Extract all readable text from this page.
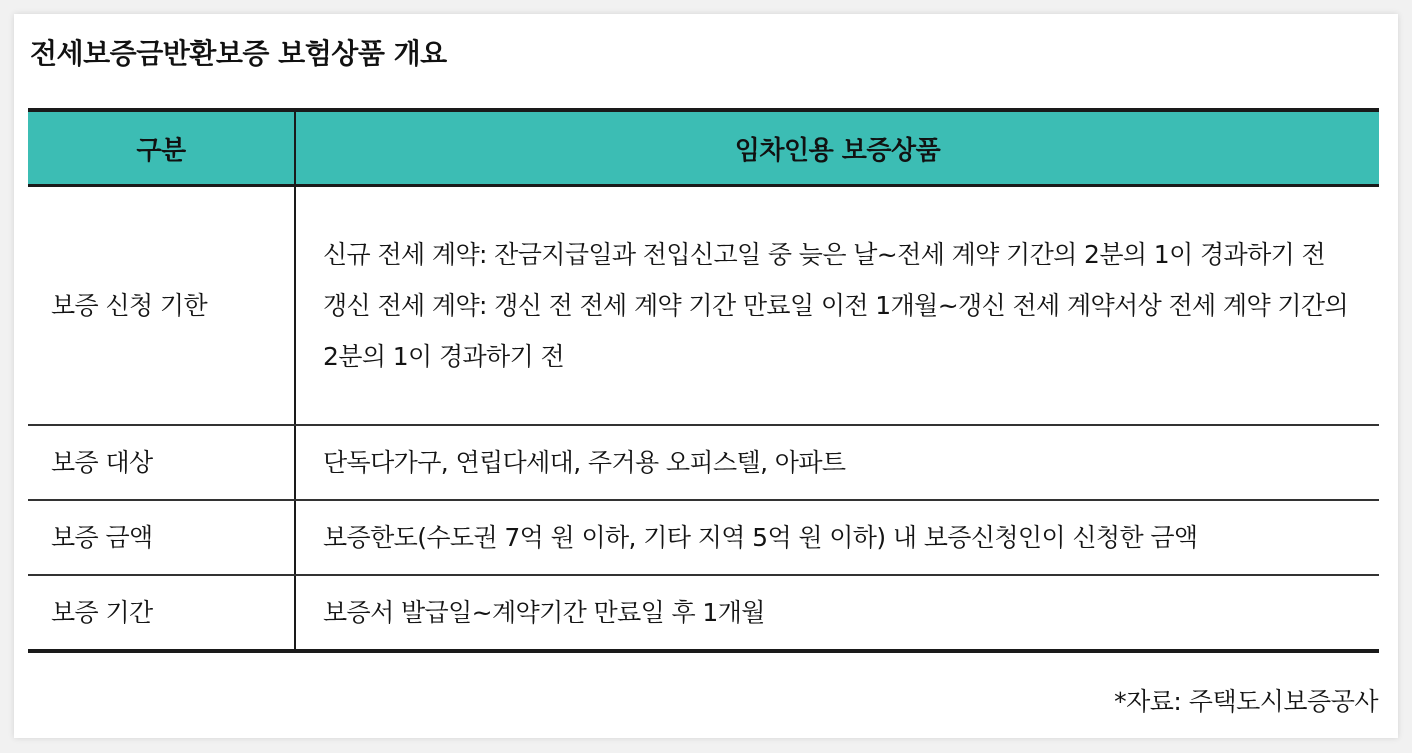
전세보증금반환보증 보험상품 개요
구분	임차인용 보증상품
보증 신청 기한	신규 전세 계약: 잔금지급일과 전입신고일 중 늦은 날~전세 계약 기간의 2분의 1이 경과하기 전
갱신 전세 계약: 갱신 전 전세 계약 기간 만료일 이전 1개월~갱신 전세 계약서상 전세 계약 기간의 2분의 1이 경과하기 전

보증 대상	단독다가구, 연립다세대, 주거용 오피스텔, 아파트
보증 금액	보증한도(수도권 7억 원 이하, 기타 지역 5억 원 이하) 내 보증신청인이 신청한 금액
보증 기간	보증서 발급일~계약기간 만료일 후 1개월

*자료: 주택도시보증공사
